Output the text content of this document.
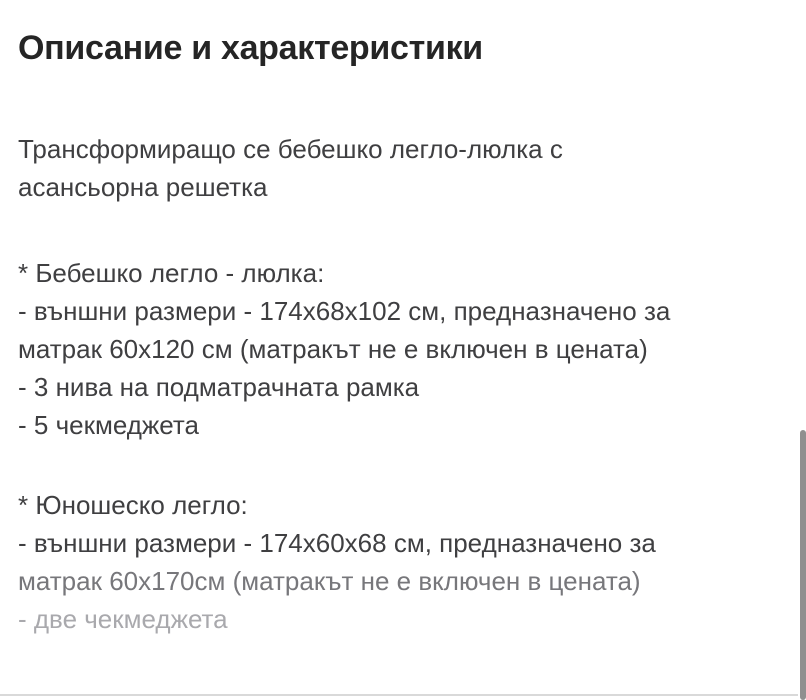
Описание и характеристики
Трансформиращо се бебешко легло-люлка с
асансьорна решетка
* Бебешко легло - люлка:
- външни размери - 174х68х102 см, предназначено за
матрак 60х120 см (матракът не е включен в цената)
- 3 нива на подматрачната рамка
- 5 чекмеджета
* Юношеско легло:
- външни размери - 174х60х68 см, предназначено за
матрак 60х170см (матракът не е включен в цената)
- две чекмеджета
